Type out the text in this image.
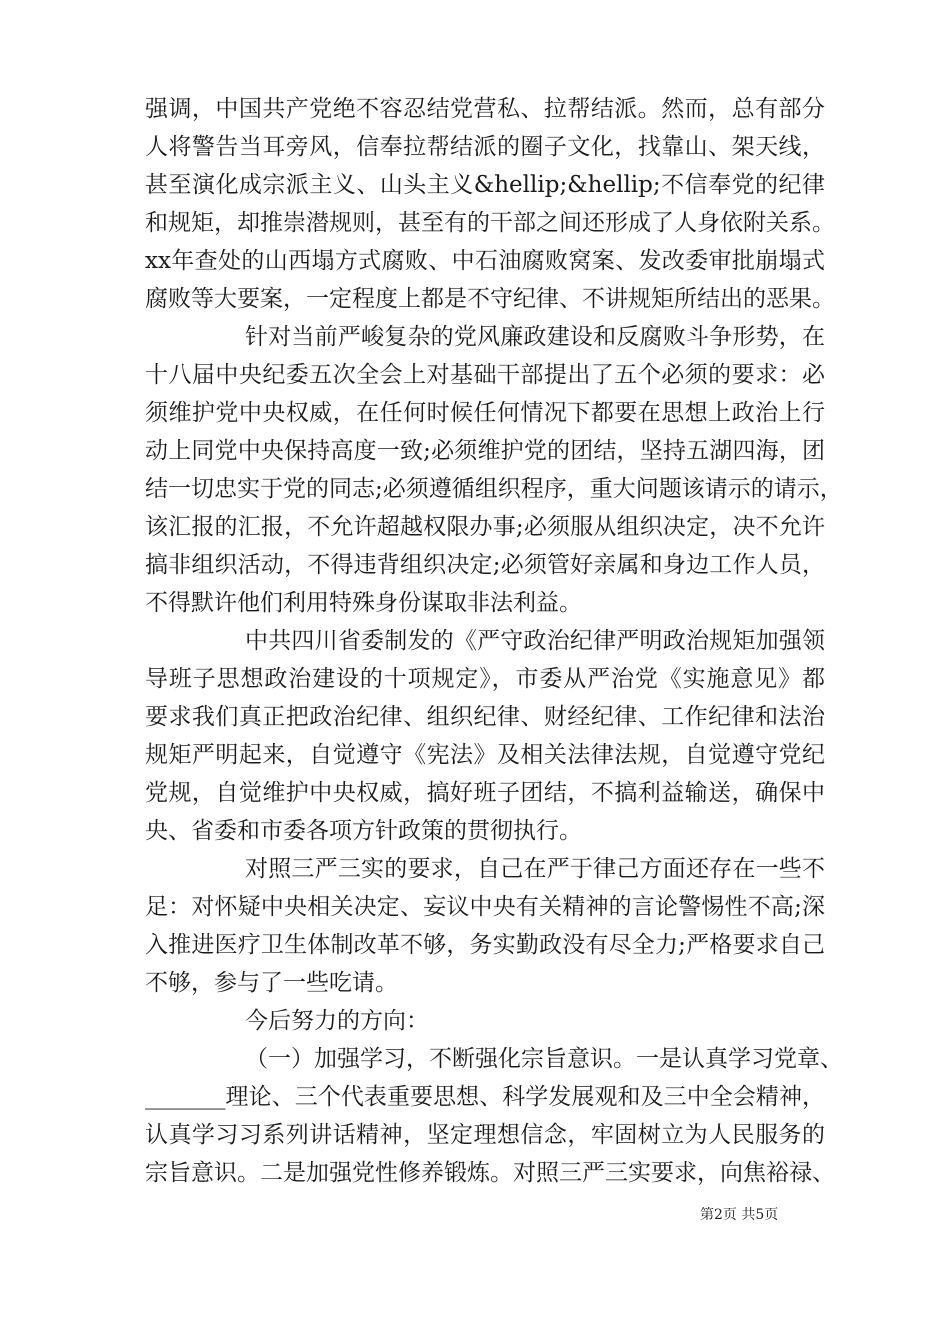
强调，中国共产党绝不容忍结党营私、拉帮结派。然而，总有部分
人将警告当耳旁风，信奉拉帮结派的圈子文化，找靠山、架天线，
甚至演化成宗派主义、山头主义&hellip;&hellip;不信奉党的纪律
和规矩，却推崇潜规则，甚至有的干部之间还形成了人身依附关系。
xx年查处的山西塌方式腐败、中石油腐败窝案、发改委审批崩塌式
腐败等大要案，一定程度上都是不守纪律、不讲规矩所结出的恶果。
针对当前严峻复杂的党风廉政建设和反腐败斗争形势，在
十八届中央纪委五次全会上对基础干部提出了五个必须的要求：必
须维护党中央权威，在任何时候任何情况下都要在思想上政治上行
动上同党中央保持高度一致;必须维护党的团结，坚持五湖四海，团
结一切忠实于党的同志;必须遵循组织程序，重大问题该请示的请示，
该汇报的汇报，不允许超越权限办事;必须服从组织决定，决不允许
搞非组织活动，不得违背组织决定;必须管好亲属和身边工作人员，
不得默许他们利用特殊身份谋取非法利益。
中共四川省委制发的《严守政治纪律严明政治规矩加强领
导班子思想政治建设的十项规定》，市委从严治党《实施意见》都
要求我们真正把政治纪律、组织纪律、财经纪律、工作纪律和法治
规矩严明起来，自觉遵守《宪法》及相关法律法规，自觉遵守党纪
党规，自觉维护中央权威，搞好班子团结，不搞利益输送，确保中
央、省委和市委各项方针政策的贯彻执行。
对照三严三实的要求，自己在严于律己方面还存在一些不
足：对怀疑中央相关决定、妄议中央有关精神的言论警惕性不高;深
入推进医疗卫生体制改革不够，务实勤政没有尽全力;严格要求自己
不够，参与了一些吃请。
今后努力的方向：
（一）加强学习，不断强化宗旨意识。一是认真学习党章、
_______理论、三个代表重要思想、科学发展观和及三中全会精神，
认真学习习系列讲话精神，坚定理想信念，牢固树立为人民服务的
第2页 共5页
宗旨意识。二是加强党性修养锻炼。对照三严三实要求，向焦裕禄、
